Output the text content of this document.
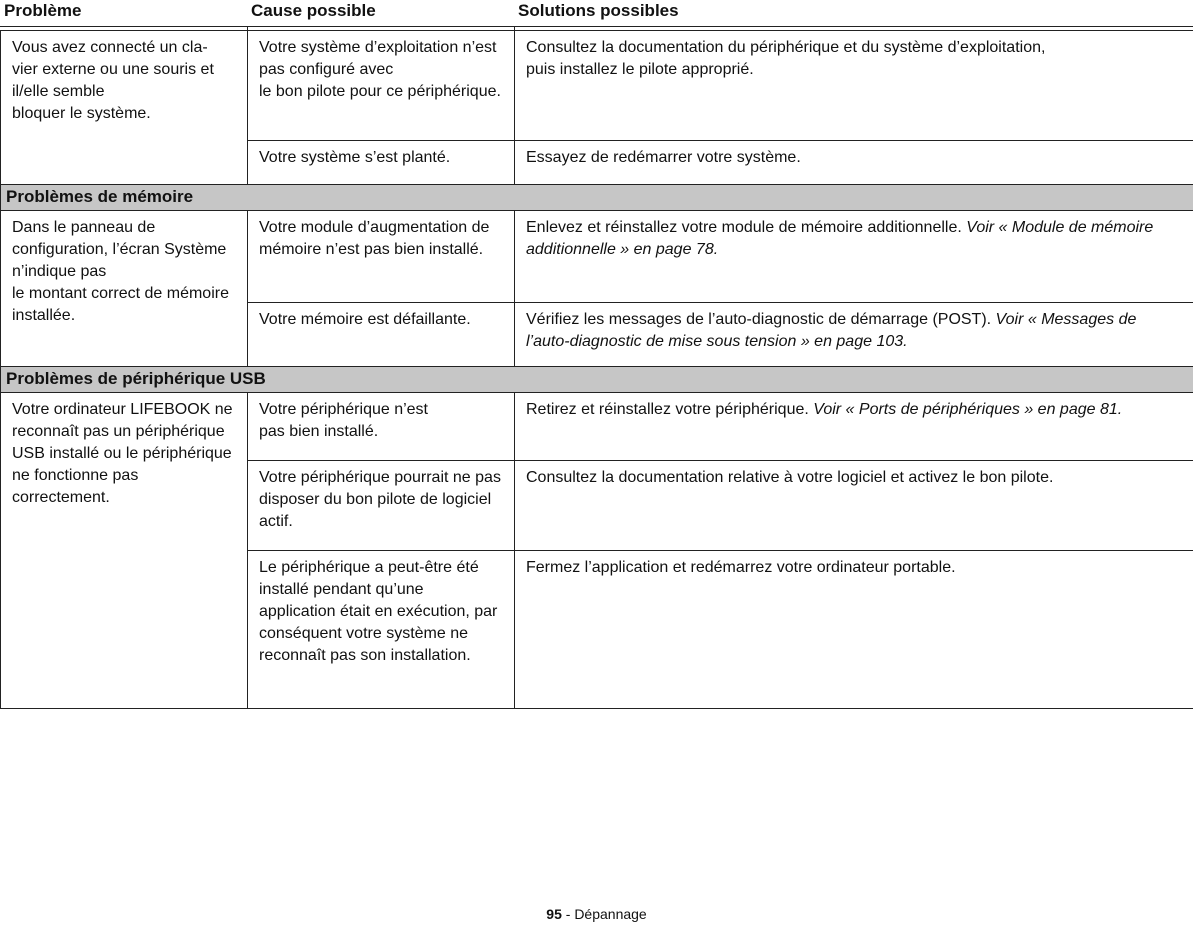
Problème	Cause possible	Solutions possibles
Vous avez connecté un cla-
vier externe ou une souris et il/elle semble
bloquer le système.	Votre système d’exploitation n’est pas configuré avec
le bon pilote pour ce périphérique.	Consultez la documentation du périphérique et du système d’exploitation,
puis installez le pilote approprié.
	Votre système s’est planté.	Essayez de redémarrer votre système.
Problèmes de mémoire		
Dans le panneau de configuration, l’écran Système n’indique pas
le montant correct de mémoire installée.	Votre module d’augmentation de mémoire n’est pas bien installé.	Enlevez et réinstallez votre module de mémoire additionnelle. Voir « Module de mémoire additionnelle » en page 78.
	Votre mémoire est défaillante.	Vérifiez les messages de l’auto-diagnostic de démarrage (POST). Voir « Messages de l’auto-diagnostic de mise sous tension » en page 103.
Problèmes de périphérique USB		
Votre ordinateur LIFEBOOK ne reconnaît pas un périphérique USB installé ou le périphérique ne fonctionne pas correctement.	Votre périphérique n’est
pas bien installé.	Retirez et réinstallez votre périphérique. Voir « Ports de périphériques » en page 81.
	Votre périphérique pourrait ne pas disposer du bon pilote de logiciel actif.	Consultez la documentation relative à votre logiciel et activez le bon pilote.
	Le périphérique a peut-être été installé pendant qu’une application était en exécution, par conséquent votre système ne reconnaît pas son installation.	Fermez l’application et redémarrez votre ordinateur portable.
95 - Dépannage
